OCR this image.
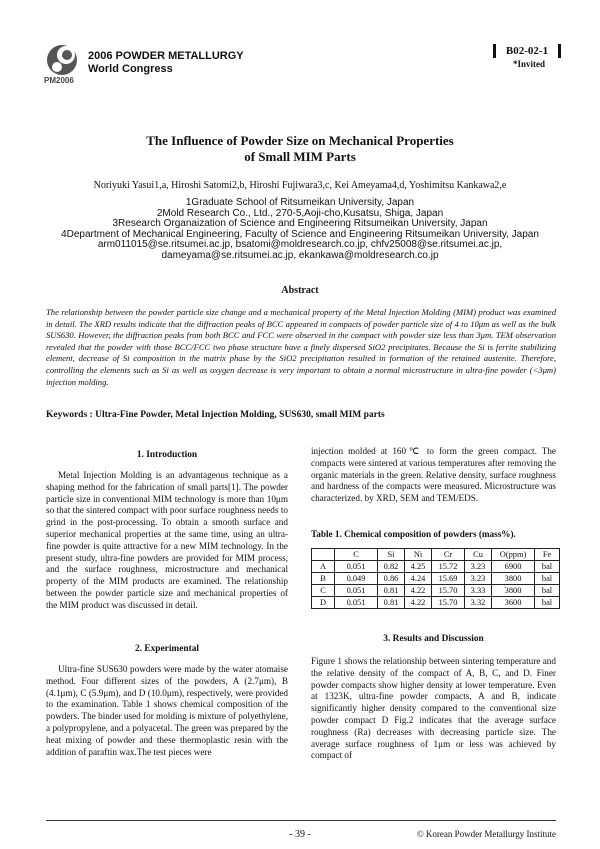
PM2006
2006 POWDER METALLURGY
World Congress
B02-02-1
*Invited
The Influence of Powder Size on Mechanical Properties
of Small MIM Parts
Noriyuki Yasui1,a, Hiroshi Satomi2,b, Hiroshi Fujiwara3,c, Kei Ameyama4,d, Yoshimitsu Kankawa2,e
1Graduate School of Ritsumeikan University, Japan
2Mold Research Co., Ltd., 270-5,Aoji-cho,Kusatsu, Shiga, Japan
3Research Organaization of Science and Engineering Ritsumeikan University, Japan
4Department of Mechanical Engineering, Faculty of Science and Engineering Ritsumeikan University, Japan
arm011015@se.ritsumei.ac.jp, bsatomi@moldresearch.co.jp, chfv25008@se.ritsumei.ac.jp,
dameyama@se.ritsumei.ac.jp, ekankawa@moldresearch.co.jp
Abstract
The relationship between the powder particle size change and a mechanical property of the Metal Injection Molding (MIM) product was examined in detail. The XRD results indicate that the diffraction peaks of BCC appeared in compacts of powder particle size of 4 to 10μm as well as the bulk SUS630. However, the diffraction peaks from both BCC and FCC were observed in the compact with powder size less than 3μm. TEM observation revealed that the powder with those BCC/FCC two phase structure have a finely dispersed SiO2 precipitates. Because the Si is ferrite stabilizing element, decrease of Si composition in the matrix phase by the SiO2 precipitation resulted in formation of the retained austenite. Therefore, controlling the elements such as Si as well as oxygen decrease is very important to obtain a normal microstructure in ultra-fine powder (<3μm) injection molding.
Keywords : Ultra-Fine Powder, Metal Injection Molding, SUS630, small MIM parts
1. Introduction

Metal Injection Molding is an advantageous technique as a shaping method for the fabrication of small parts[1]. The powder particle size in conventional MIM technology is more than 10μm so that the sintered compact with poor surface roughness needs to grind in the post-processing. To obtain a smooth surface and superior mechanical properties at the same time, using an ultra-fine powder is quite attractive for a new MIM technology. In the present study, ultra-fine powders are provided for MIM process, and the surface roughness, microstructure and mechanical property of the MIM products are examined. The relationship between the powder particle size and mechanical properties of the MIM product was discussed in detail.

2. Experimental

Ultra-fine SUS630 powders were made by the water atomaise method. Four different sizes of the powders, A (2.7μm), B (4.1μm), C (5.9μm), and D (10.0μm), respectively, were provided to the examination. Table 1 shows chemical composition of the powders. The binder used for molding is mixture of polyethylene, a polypropylene, and a polyacetal. The green was prepared by the heat mixing of powder and these thermoplastic resin with the addition of paraftin wax.The test pieces were

injection molded at 160℃ to form the green compact. The compacts were sintered at various temperatures after removing the organic materials in the green. Relative density, surface roughness and hardness of the compacts were measured. Microstructure was characterized. by XRD, SEM and TEM/EDS.

Table 1. Chemical composition of powders (mass%).
	C	Si	Ni	Cr	Cu	O(ppm)	Fe
A	0.051	0.82	4.25	15.72	3.23	6900	bal
B	0.049	0.86	4.24	15.69	3.23	3800	bal
C	0.051	0.81	4.22	15.70	3.33	3800	bal
D	0.051	0.81	4.22	15.70	3.32	3600	bal
3. Results and Discussion

Figure 1 shows the relationship between sintering temperature and the relative density of the compact of A, B, C, and D. Finer powder compacts show higher density at lower temperature. Even at 1323K, ultra-fine powder compacts, A and B, indicate significantly higher density compared to the conventional size powder compact D Fig.2 indicates that the average surface roughness (Ra) decreases with decreasing particle size. The average surface roughness of 1μm or less was achieved by compact of

- 39 -	© Korean Powder Metallurgy Institute
